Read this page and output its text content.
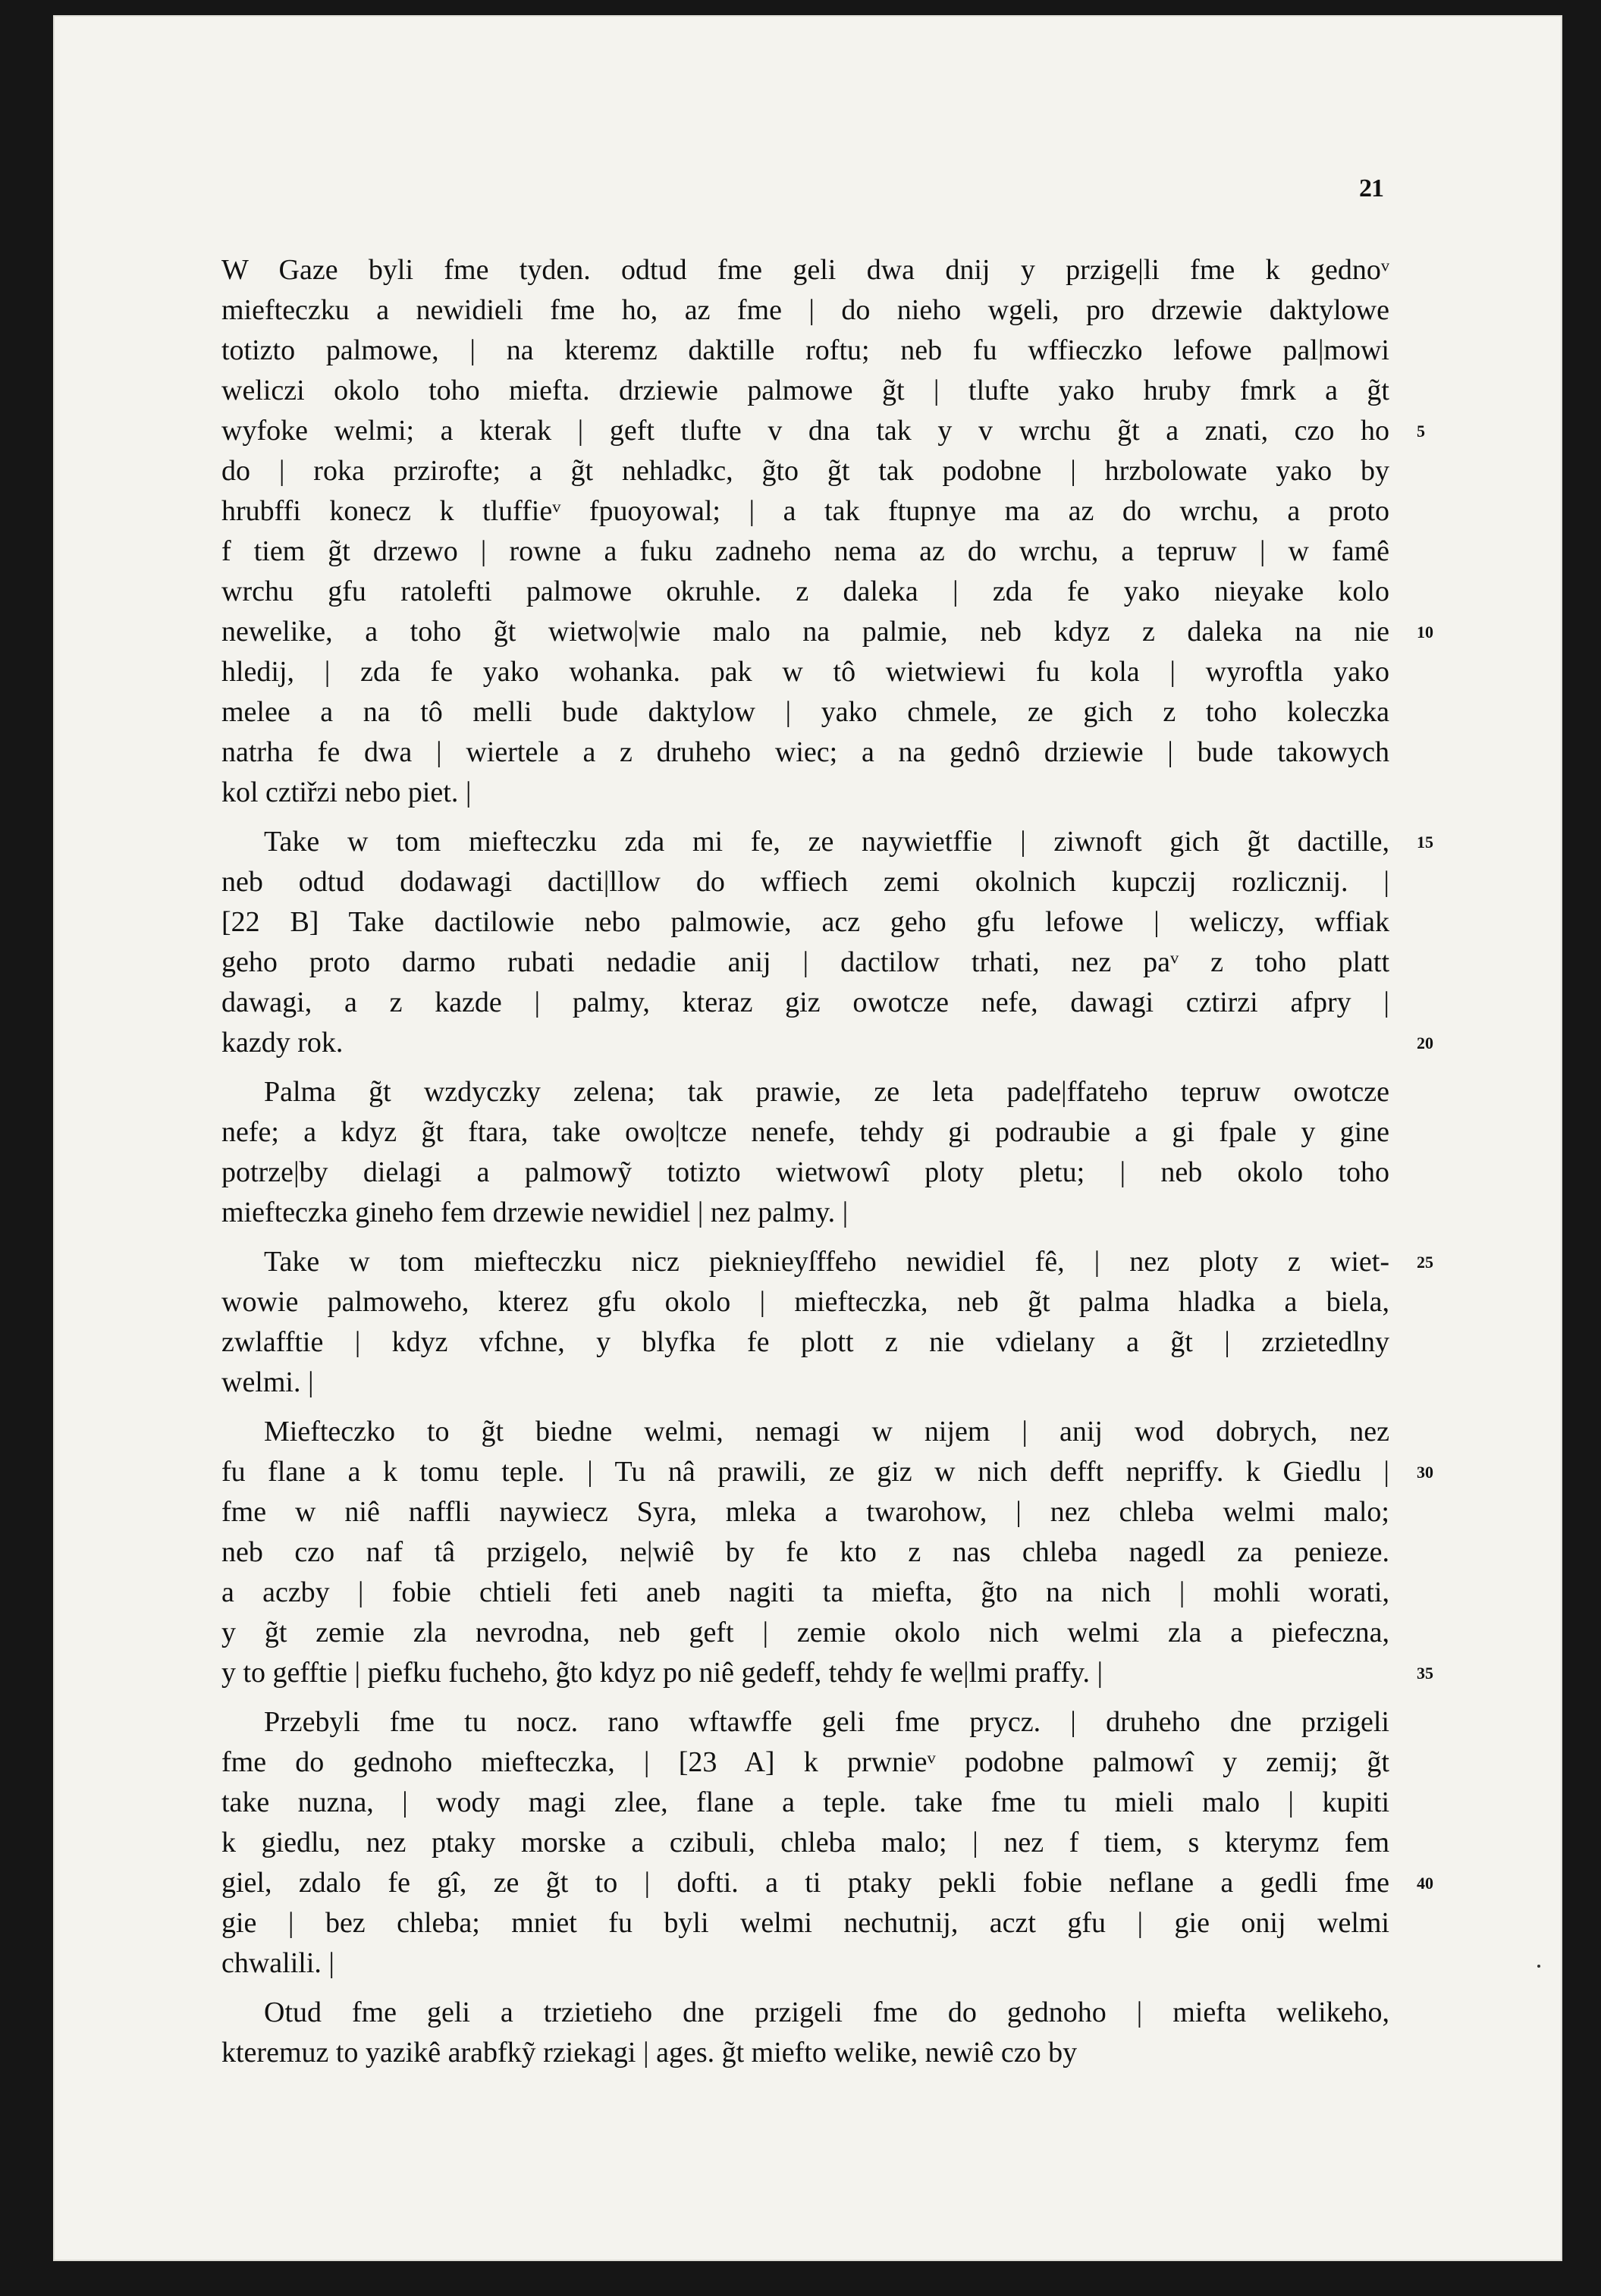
21
W Gaze byli fme tyden. odtud fme geli dwa dnij y przige|li fme k gednoᵛ
miefteczku a newidieli fme ho, az fme | do nieho wgeli, pro drzewie daktylowe
totizto palmowe, | na kteremz daktille roftu; neb fu wffieczko lefowe pal|mowi
weliczi okolo toho miefta. drziewie palmowe g̃t | tlufte yako hruby fmrk a g̃t
wyfoke welmi; a kterak | geft tlufte v dna tak y v wrchu g̃t a znati, czo ho
do | roka przirofte; a g̃t nehladkc, g̃to g̃t tak podobne | hrzbolowate yako by
hrubffi konecz k tluffieᵛ fpuoyowal; | a tak ftupnye ma az do wrchu, a proto
f tiem g̃t drzewo | rowne a fuku zadneho nema az do wrchu, a tepruw | w famê
wrchu gfu ratolefti palmowe okruhle. z daleka | zda fe yako nieyake kolo
newelike, a toho g̃t wietwo|wie malo na palmie, neb kdyz z daleka na nie
hledij, | zda fe yako wohanka. pak w tô wietwiewi fu kola | wyroftla yako
melee a na tô melli bude daktylow | yako chmele, ze gich z toho koleczka
natrha fe dwa | wiertele a z druheho wiec; a na gednô drziewie | bude takowych
kol cztiřzi nebo piet. |
Take w tom miefteczku zda mi fe, ze naywietffie | ziwnoft gich g̃t dactille,
neb odtud dodawagi dacti|llow do wffiech zemi okolnich kupczij rozlicznij. |
[22 B] Take dactilowie nebo palmowie, acz geho gfu lefowe | weliczy, wffiak
geho proto darmo rubati nedadie anij | dactilow trhati, nez paᵛ z toho platt
dawagi, a z kazde | palmy, kteraz giz owotcze nefe, dawagi cztirzi afpry |
kazdy rok.
Palma g̃t wzdyczky zelena; tak prawie, ze leta pade|ffateho tepruw owotcze
nefe; a kdyz g̃t ftara, take owo|tcze nenefe, tehdy gi podraubie a gi fpale y gine
potrze|by dielagi a palmowỹ totizto wietwowî ploty pletu; | neb okolo toho
miefteczka gineho fem drzewie newidiel | nez palmy. |
Take w tom miefteczku nicz pieknieyſffeho newidiel fê, | nez ploty z wiet-
wowie palmoweho, kterez gfu okolo | miefteczka, neb g̃t palma hladka a biela,
zwlafftie | kdyz vfchne, y blyfka fe plott z nie vdielany a g̃t | zrzietedlny
welmi. |
Miefteczko to g̃t biedne welmi, nemagi w nijem | anij wod dobrych, nez
fu flane a k tomu teple. | Tu nâ prawili, ze giz w nich defft nepriffy. k Giedlu |
fme w niê naffli naywiecz Syra, mleka a twarohow, | nez chleba welmi malo;
neb czo naf tâ przigelo, ne|wiê by fe kto z nas chleba nagedl za penieze.
a aczby | fobie chtieli feti aneb nagiti ta miefta, g̃to na nich | mohli worati,
y g̃t zemie zla nevrodna, neb geft | zemie okolo nich welmi zla a piefeczna,
y to gefftie | piefku fucheho, g̃to kdyz po niê gedeff, tehdy fe we|lmi praffy. |
Przebyli fme tu nocz. rano wftawffe geli fme prycz. | druheho dne przigeli
fme do gednoho miefteczka, | [23 A] k prwnieᵛ podobne palmowî y zemij; g̃t
take nuzna, | wody magi zlee, flane a teple. take fme tu mieli malo | kupiti
k giedlu, nez ptaky morske a czibuli, chleba malo; | nez f tiem, s kterymz fem
giel, zdalo fe gî, ze g̃t to | dofti. a ti ptaky pekli fobie neflane a gedli fme
gie | bez chleba; mniet fu byli welmi nechutnij, aczt gfu | gie onij welmi
chwalili. |
Otud fme geli a trzietieho dne przigeli fme do gednoho | miefta welikeho,
kteremuz to yazikê arabfkỹ rziekagi | ages. g̃t miefto welike, newiê czo by
5
10
15
20
25
30
35
40
